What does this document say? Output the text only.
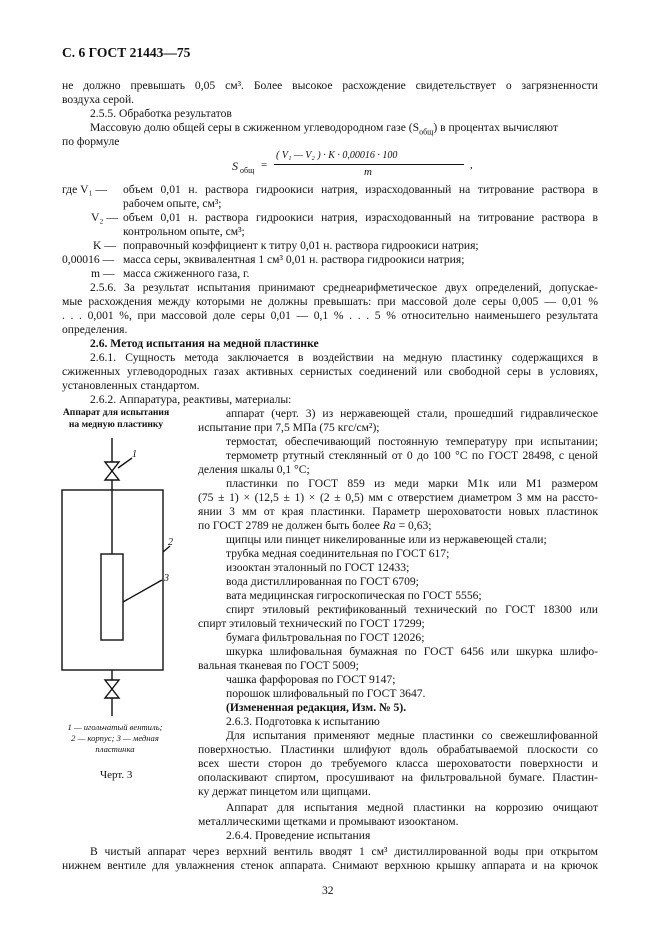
С. 6 ГОСТ 21443—75
не должно превышать 0,05 см³. Более высокое расхождение свидетельствует о загрязненности
воздуха серой.
2.5.5. Обработка результатов
Массовую долю общей серы в сжиженном углеводородном газе $(S_{общ})$ в процентах вычисляют
по формуле
S общ =
( V₁ — V₂ ) · K · 0,00016 · 100
m
,
где V₁ — объем 0,01 н. раствора гидроокиси натрия, израсходованный на титрование раствора в
рабочем опыте, см³;
V₂ — объем 0,01 н. раствора гидроокиси натрия, израсходованный на титрование раствора в
контрольном опыте, см³;
K — поправочный коэффициент к титру 0,01 н. раствора гидроокиси натрия;
0,00016 — масса серы, эквивалентная 1 см³ 0,01 н. раствора гидроокиси натрия;
m — масса сжиженного газа, г.
2.5.6. За результат испытания принимают среднеарифметическое двух определений, допускае-
мые расхождения между которыми не должны превышать: при массовой доле серы 0,005 — 0,01 %
. . . 0,001 %, при массовой доле серы 0,01 — 0,1 % . . . 5 % относительно наименьшего результата
определения.
2.6. Метод испытания на медной пластинке
2.6.1. Сущность метода заключается в воздействии на медную пластинку содержащихся в
сжиженных углеводородных газах активных сернистых соединений или свободной серы в условиях,
установленных стандартом.
2.6.2. Аппаратура, реактивы, материалы:
аппарат (черт. 3) из нержавеющей стали, прошедший гидравлическое
испытание при 7,5 МПа (75 кгс/см²);
термостат, обеспечивающий постоянную температуру при испытании;
термометр ртутный стеклянный от 0 до 100 °С по ГОСТ 28498, с ценой
деления шкалы 0,1 °С;
пластинки по ГОСТ 859 из меди марки М1к или М1 размером
(75 ± 1) × (12,5 ± 1) × (2 ± 0,5) мм с отверстием диаметром 3 мм на рассто-
янии 3 мм от края пластинки. Параметр шероховатости новых пластинок
по ГОСТ 2789 не должен быть более Ra = 0,63;
щипцы или пинцет никелированные или из нержавеющей стали;
трубка медная соединительная по ГОСТ 617;
изооктан эталонный по ГОСТ 12433;
вода дистиллированная по ГОСТ 6709;
вата медицинская гигроскопическая по ГОСТ 5556;
спирт этиловый ректификованный технический по ГОСТ 18300 или
спирт этиловый технический по ГОСТ 17299;
бумага фильтровальная по ГОСТ 12026;
шкурка шлифовальная бумажная по ГОСТ 6456 или шкурка шлифо-
вальная тканевая по ГОСТ 5009;
чашка фарфоровая по ГОСТ 9147;
порошок шлифовальный по ГОСТ 3647.
(Измененная редакция, Изм. № 5).
2.6.3. Подготовка к испытанию
Для испытания применяют медные пластинки со свежешлифованной
поверхностью. Пластинки шлифуют вдоль обрабатываемой плоскости со
всех шести сторон до требуемого класса шероховатости поверхности и
ополаскивают спиртом, просушивают на фильтровальной бумаге. Пластин-
ку держат пинцетом или щипцами.
Аппарат для испытания медной пластинки на коррозию очищают
металлическими щетками и промывают изооктаном.
2.6.4. Проведение испытания
В чистый аппарат через верхний вентиль вводят 1 см³ дистиллированной воды при открытом
нижнем вентиле для увлажнения стенок аппарата. Снимают верхнюю крышку аппарата и на крючок
Аппарат для испытания
на медную пластинку
1
2
3
1 — игольчатый вентиль;
2 — корпус; 3 — медная
пластинка
Черт. 3
32
